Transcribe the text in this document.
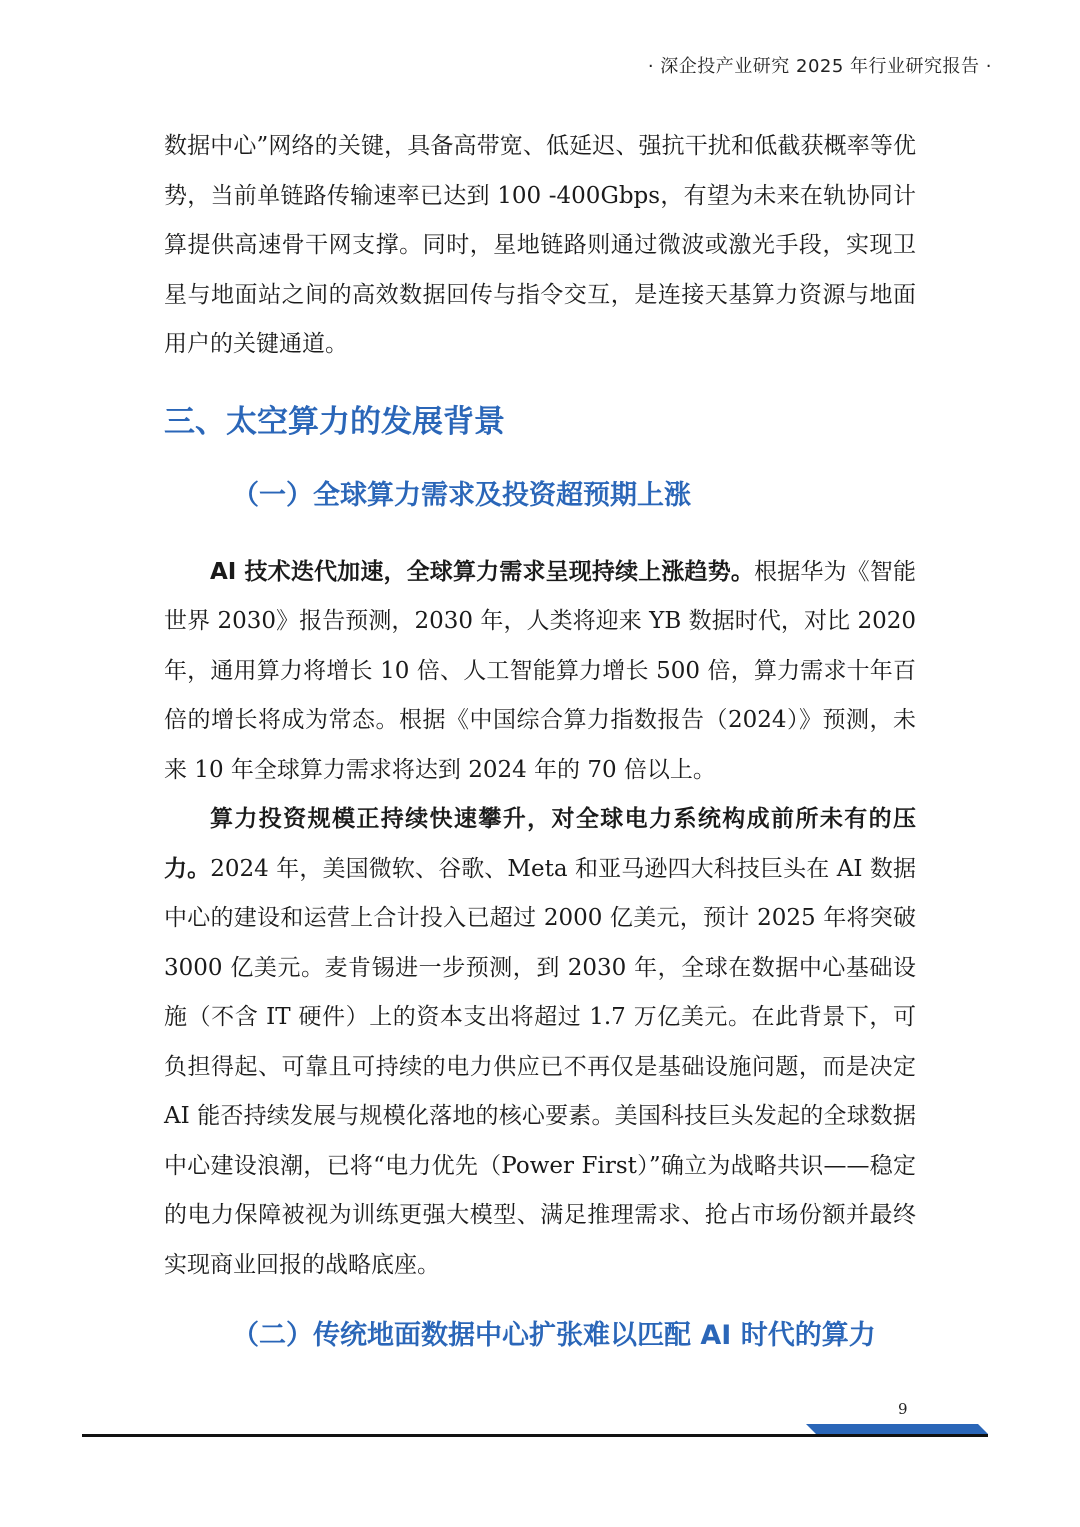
· 深企投产业研究 2025 年行业研究报告 ·

数据中心”网络的关键，具备高带宽、低延迟、强抗干扰和低截获概率等优势，当前单链路传输速率已达到 100 -400Gbps，有望为未来在轨协同计算提供高速骨干网支撑。同时，星地链路则通过微波或激光手段，实现卫星与地面站之间的高效数据回传与指令交互，是连接天基算力资源与地面用户的关键通道。

三、太空算力的发展背景
（一）全球算力需求及投资超预期上涨

AI 技术迭代加速，全球算力需求呈现持续上涨趋势。根据华为《智能世界 2030》报告预测，2030 年，人类将迎来 YB 数据时代，对比 2020 年，通用算力将增长 10 倍、人工智能算力增长 500 倍，算力需求十年百倍的增长将成为常态。根据《中国综合算力指数报告（2024）》预测，未来 10 年全球算力需求将达到 2024 年的 70 倍以上。

算力投资规模正持续快速攀升，对全球电力系统构成前所未有的压力。2024 年，美国微软、谷歌、Meta 和亚马逊四大科技巨头在 AI 数据中心的建设和运营上合计投入已超过 2000 亿美元，预计 2025 年将突破 3000 亿美元。麦肯锡进一步预测，到 2030 年，全球在数据中心基础设施（不含 IT 硬件）上的资本支出将超过 1.7 万亿美元。在此背景下，可负担得起、可靠且可持续的电力供应已不再仅是基础设施问题，而是决定 AI 能否持续发展与规模化落地的核心要素。美国科技巨头发起的全球数据中心建设浪潮，已将“电力优先（Power First）”确立为战略共识——稳定的电力保障被视为训练更强大模型、满足推理需求、抢占市场份额并最终实现商业回报的战略底座。

（二）传统地面数据中心扩张难以匹配 AI 时代的算力
9
